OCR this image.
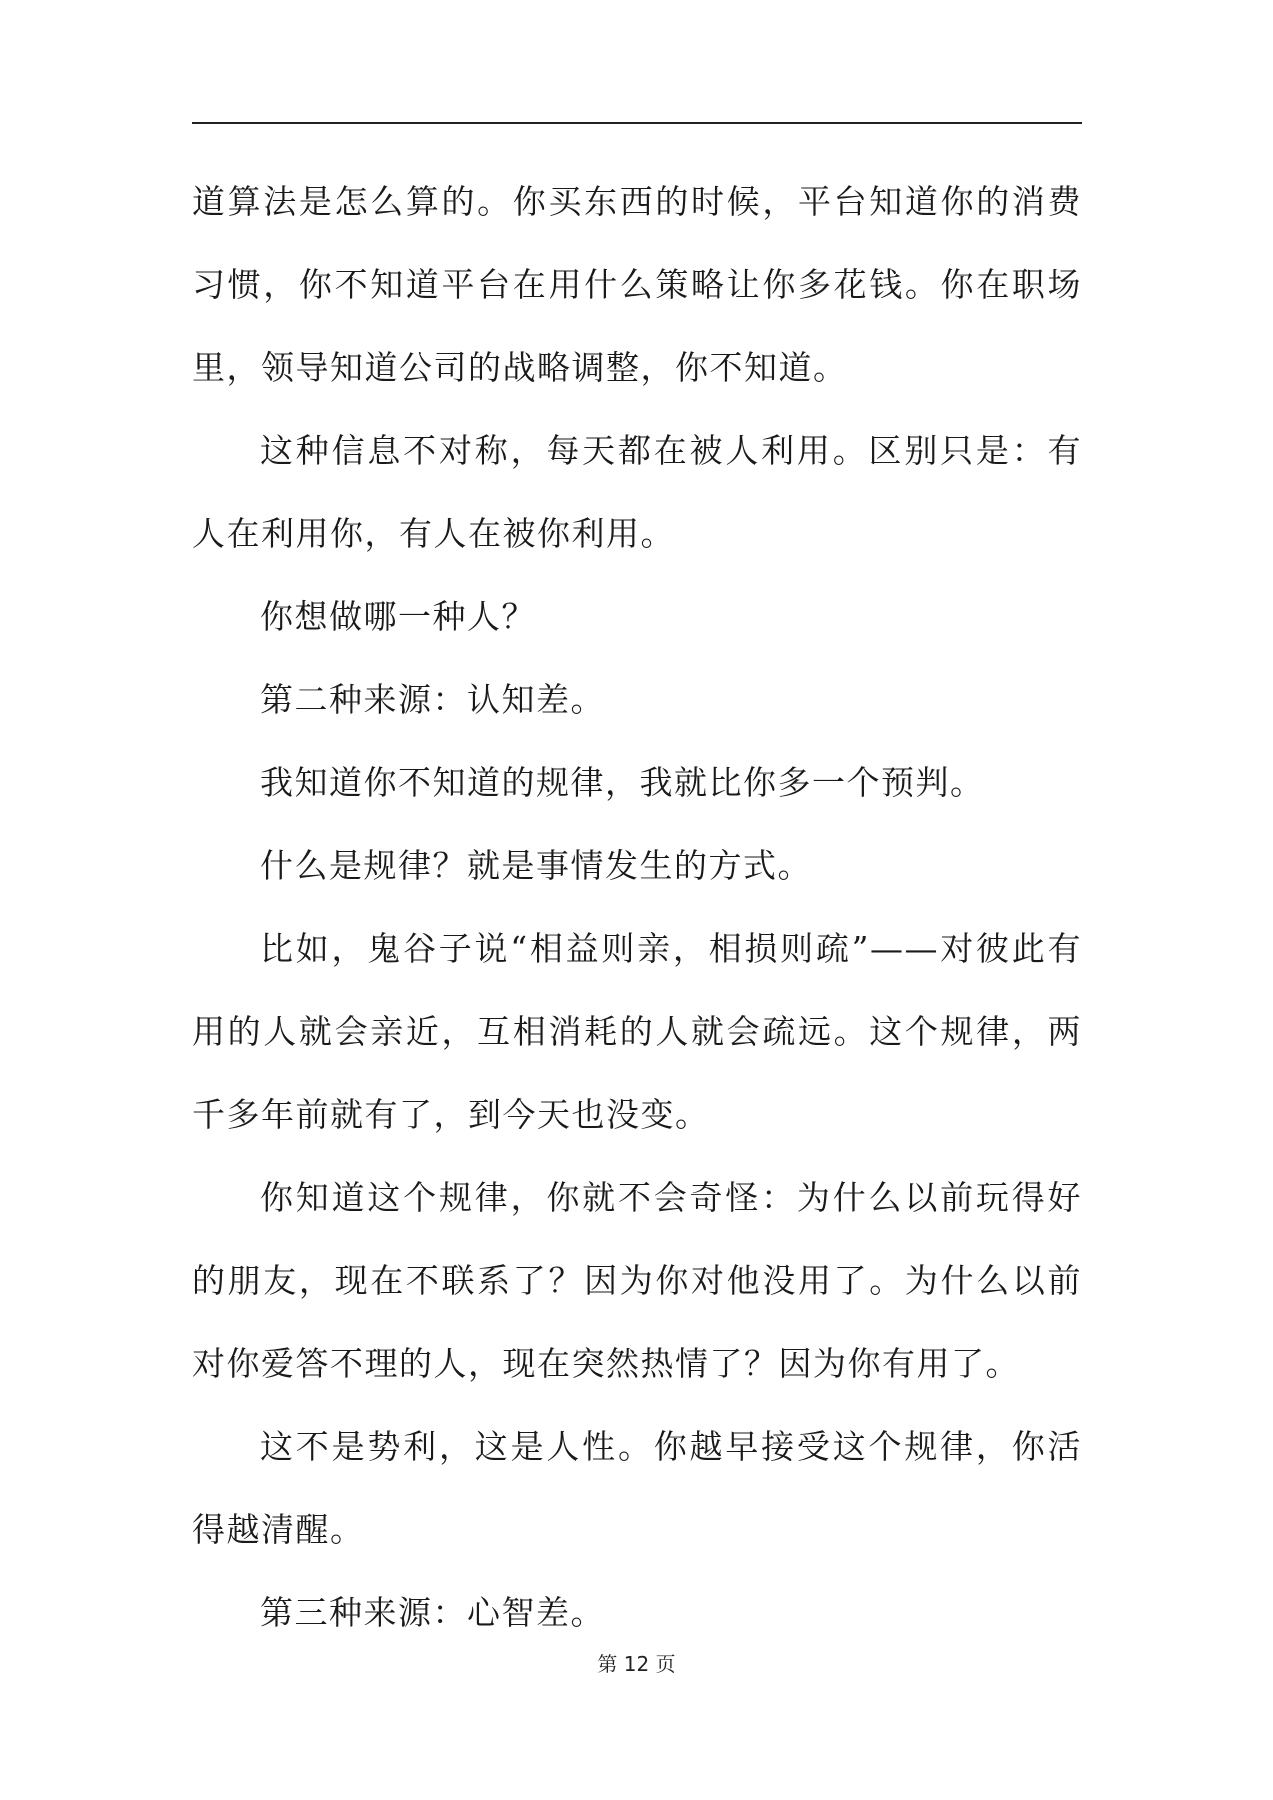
道算法是怎么算的。你买东西的时候，平台知道你的消费习惯，你不知道平台在用什么策略让你多花钱。你在职场里，领导知道公司的战略调整，你不知道。

这种信息不对称，每天都在被人利用。区别只是：有人在利用你，有人在被你利用。

你想做哪一种人？

第二种来源：认知差。

我知道你不知道的规律，我就比你多一个预判。

什么是规律？就是事情发生的方式。

比如，鬼谷子说“相益则亲，相损则疏”——对彼此有用的人就会亲近，互相消耗的人就会疏远。这个规律，两千多年前就有了，到今天也没变。

你知道这个规律，你就不会奇怪：为什么以前玩得好的朋友，现在不联系了？因为你对他没用了。为什么以前对你爱答不理的人，现在突然热情了？因为你有用了。

这不是势利，这是人性。你越早接受这个规律，你活得越清醒。

第三种来源：心智差。

第 12 页
